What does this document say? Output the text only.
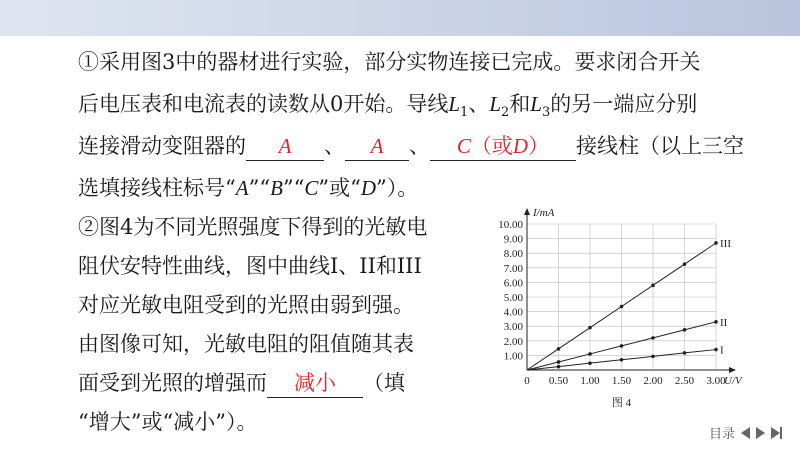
①采用图3中的器材进行实验，部分实物连接已完成。要求闭合开关
后电压表和电流表的读数从0开始。导线$L_1$、$L_2$和$L_3$的另一端应分别
连接滑动变阻器的 A 、 A 、 C（或D） 接线柱（以上三空
选填接线柱标号“A”“B”“C”或“D”）。
②图4为不同光照强度下得到的光敏电
阻伏安特性曲线，图中曲线I、II和III
对应光敏电阻受到的光照由弱到强。
由图像可知，光敏电阻的阻值随其表
面受到光照的增强而 减小 （填
“增大”或“减小”）。
1.00
2.00
3.00
4.00
5.00
6.00
7.00
8.00
9.00
10.00
0 0.50 1.00 1.50 2.00 2.50 3.00
I/mA
U/V
III
II
I
图 4
目录
